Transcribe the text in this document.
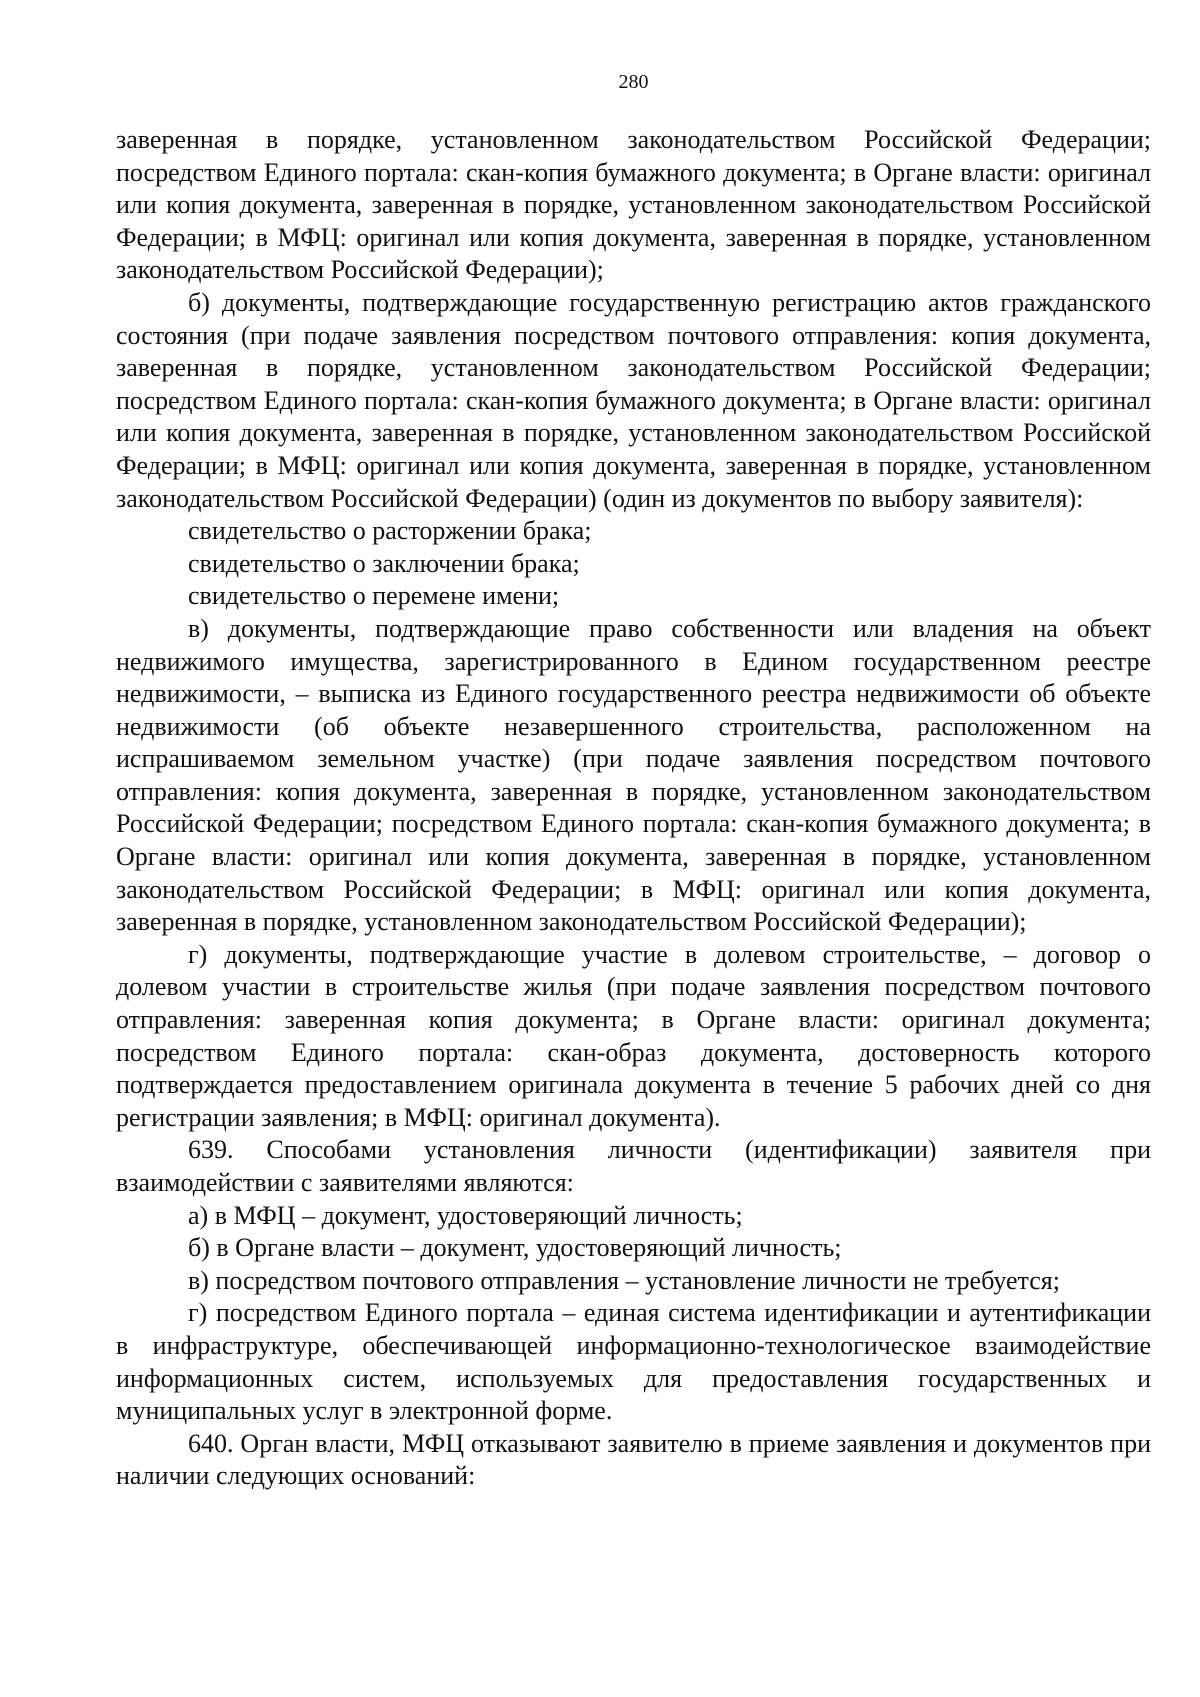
280

заверенная в порядке, установленном законодательством Российской Федерации; посредством Единого портала: скан-копия бумажного документа; в Органе власти: оригинал или копия документа, заверенная в порядке, установленном законодательством Российской Федерации; в МФЦ: оригинал или копия документа, заверенная в порядке, установленном законодательством Российской Федерации);

б) документы, подтверждающие государственную регистрацию актов гражданского состояния (при подаче заявления посредством почтового отправления: копия документа, заверенная в порядке, установленном законодательством Российской Федерации; посредством Единого портала: скан-копия бумажного документа; в Органе власти: оригинал или копия документа, заверенная в порядке, установленном законодательством Российской Федерации; в МФЦ: оригинал или копия документа, заверенная в порядке, установленном законодательством Российской Федерации) (один из документов по выбору заявителя):

свидетельство о расторжении брака;

свидетельство о заключении брака;

свидетельство о перемене имени;

в) документы, подтверждающие право собственности или владения на объект недвижимого имущества, зарегистрированного в Едином государственном реестре недвижимости, – выписка из Единого государственного реестра недвижимости об объекте недвижимости (об объекте незавершенного строительства, расположенном на испрашиваемом земельном участке) (при подаче заявления посредством почтового отправления: копия документа, заверенная в порядке, установленном законодательством Российской Федерации; посредством Единого портала: скан-копия бумажного документа; в Органе власти: оригинал или копия документа, заверенная в порядке, установленном законодательством Российской Федерации; в МФЦ: оригинал или копия документа, заверенная в порядке, установленном законодательством Российской Федерации);

г) документы, подтверждающие участие в долевом строительстве, – договор о долевом участии в строительстве жилья (при подаче заявления посредством почтового отправления: заверенная копия документа; в Органе власти: оригинал документа; посредством Единого портала: скан-образ документа, достоверность которого подтверждается предоставлением оригинала документа в течение 5 рабочих дней со дня регистрации заявления; в МФЦ: оригинал документа).

639. Способами установления личности (идентификации) заявителя при взаимодействии с заявителями являются:

а) в МФЦ – документ, удостоверяющий личность;

б) в Органе власти – документ, удостоверяющий личность;

в) посредством почтового отправления – установление личности не требуется;

г) посредством Единого портала – единая система идентификации и аутентификации в инфраструктуре, обеспечивающей информационно-технологическое взаимодействие информационных систем, используемых для предоставления государственных и муниципальных услуг в электронной форме.

640. Орган власти, МФЦ отказывают заявителю в приеме заявления и документов при наличии следующих оснований:
